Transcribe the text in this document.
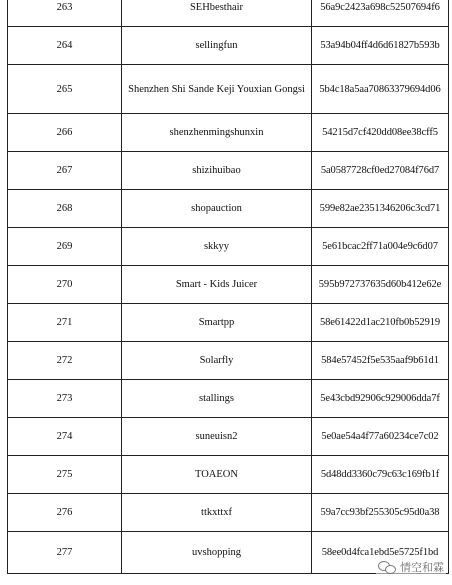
263	SEHbesthair	56a9c2423a698c52507694f6
264	sellingfun	53a94b04ff4d6d61827b593b
265	Shenzhen Shi Sande Keji Youxian Gongsi	5b4c18a5aa70863379694d06
266	shenzhenmingshunxin	54215d7cf420dd08ee38cff5
267	shizihuibao	5a0587728cf0ed27084f76d7
268	shopauction	599e82ae2351346206c3cd71
269	skkyy	5e61bcac2ff71a004e9c6d07
270	Smart - Kids Juicer	595b972737635d60b412e62e
271	Smartpp	58e61422d1ac210fb0b52919
272	Solarfly	584e57452f5e535aaf9b61d1
273	stallings	5e43cbd92906c929006dda7f
274	suneuisn2	5e0ae54a4f77a60234ce7c02
275	TOAEON	5d48dd3360c79c63c169fb1f
276	ttkxttxf	59a7cc93bf255305c95d0a38
277	uvshopping	58ee0d4fca1ebd5e5725f1bd
情空和霖
